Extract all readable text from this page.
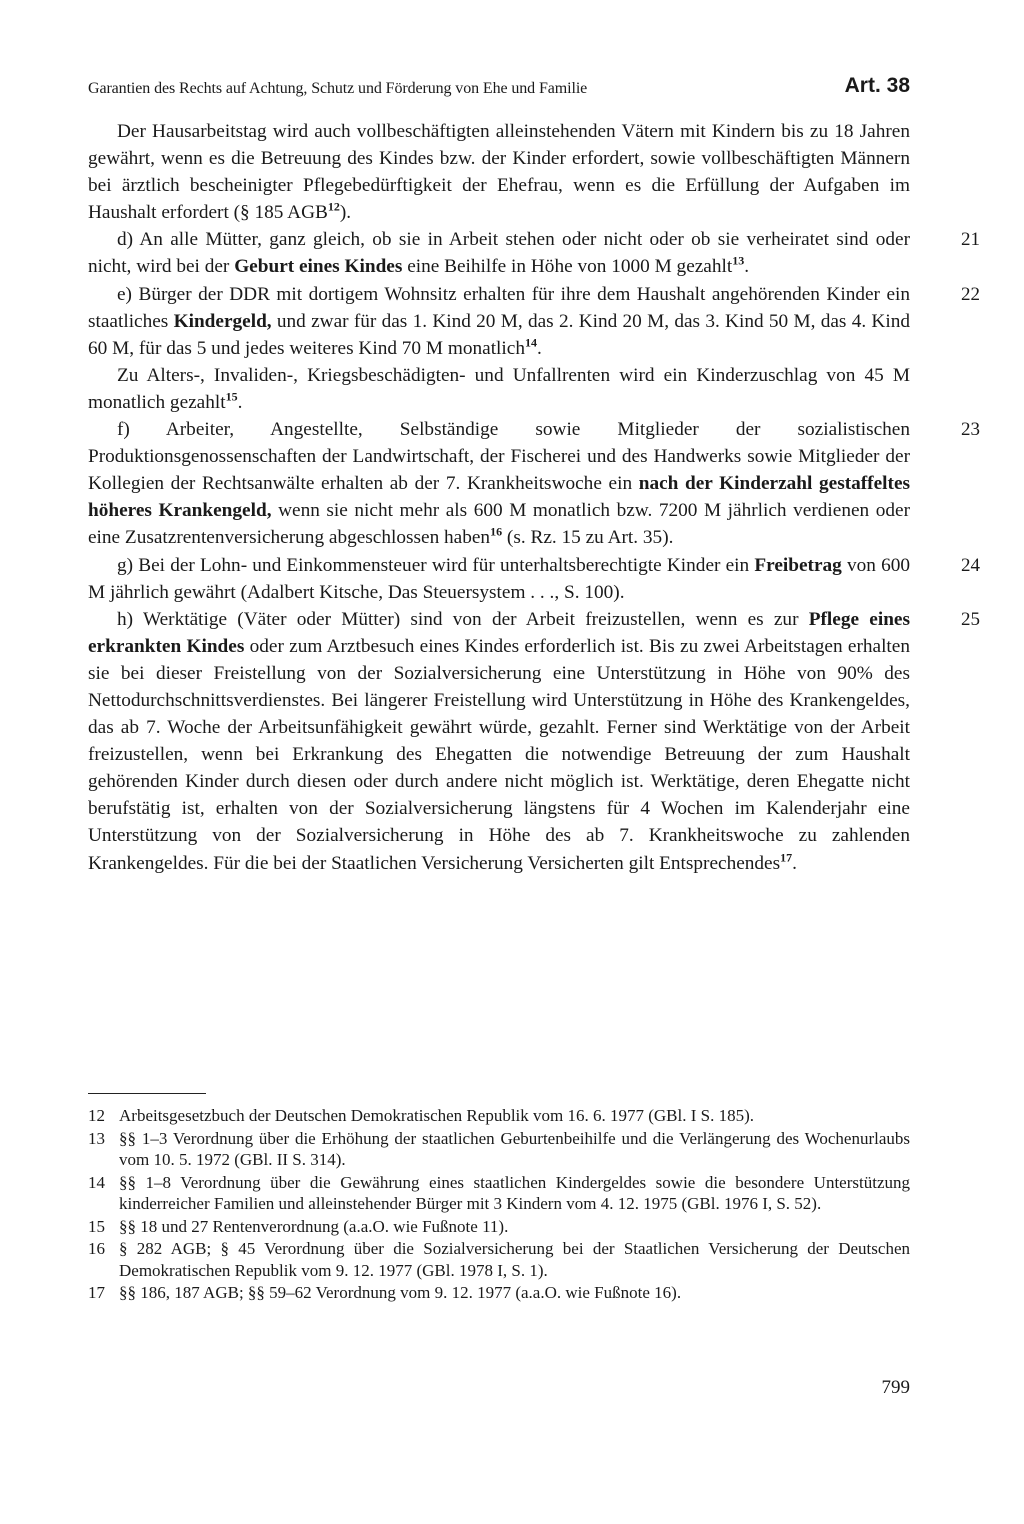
Garantien des Rechts auf Achtung, Schutz und Förderung von Ehe und Familie	Art. 38

Der Hausarbeitstag wird auch vollbeschäftigten alleinstehenden Vätern mit Kindern bis zu 18 Jahren gewährt, wenn es die Betreuung des Kindes bzw. der Kinder erfordert, sowie vollbeschäftigten Männern bei ärztlich bescheinigter Pflegebedürftigkeit der Ehefrau, wenn es die Erfüllung der Aufgaben im Haushalt erfordert (§ 185 AGB$^{12}$).

d) An alle Mütter, ganz gleich, ob sie in Arbeit stehen oder nicht oder ob sie verheiratet sind oder nicht, wird bei der Geburt eines Kindes eine Beihilfe in Höhe von 1000 M gezahlt$^{13}$.
21

e) Bürger der DDR mit dortigem Wohnsitz erhalten für ihre dem Haushalt angehörenden Kinder ein staatliches Kindergeld, und zwar für das 1. Kind 20 M, das 2. Kind 20 M, das 3. Kind 50 M, das 4. Kind 60 M, für das 5 und jedes weiteres Kind 70 M monatlich$^{14}$.
22

Zu Alters-, Invaliden-, Kriegsbeschädigten- und Unfallrenten wird ein Kinderzuschlag von 45 M monatlich gezahlt$^{15}$.

f) Arbeiter, Angestellte, Selbständige sowie Mitglieder der sozialistischen Produktionsgenossenschaften der Landwirtschaft, der Fischerei und des Handwerks sowie Mitglieder der Kollegien der Rechtsanwälte erhalten ab der 7. Krankheitswoche ein nach der Kinderzahl gestaffeltes höheres Krankengeld, wenn sie nicht mehr als 600 M monatlich bzw. 7200 M jährlich verdienen oder eine Zusatzrentenversicherung abgeschlossen haben$^{16}$ (s. Rz. 15 zu Art. 35).
23

g) Bei der Lohn- und Einkommensteuer wird für unterhaltsberechtigte Kinder ein Freibetrag von 600 M jährlich gewährt (Adalbert Kitsche, Das Steuersystem . . ., S. 100).
24

h) Werktätige (Väter oder Mütter) sind von der Arbeit freizustellen, wenn es zur Pflege eines erkrankten Kindes oder zum Arztbesuch eines Kindes erforderlich ist. Bis zu zwei Arbeitstagen erhalten sie bei dieser Freistellung von der Sozialversicherung eine Unterstützung in Höhe von 90% des Nettodurchschnittsverdienstes. Bei längerer Freistellung wird Unterstützung in Höhe des Krankengeldes, das ab 7. Woche der Arbeitsunfähigkeit gewährt würde, gezahlt. Ferner sind Werktätige von der Arbeit freizustellen, wenn bei Erkrankung des Ehegatten die notwendige Betreuung der zum Haushalt gehörenden Kinder durch diesen oder durch andere nicht möglich ist. Werktätige, deren Ehegatte nicht berufstätig ist, erhalten von der Sozialversicherung längstens für 4 Wochen im Kalenderjahr eine Unterstützung von der Sozialversicherung in Höhe des ab 7. Krankheitswoche zu zahlenden Krankengeldes. Für die bei der Staatlichen Versicherung Versicherten gilt Entsprechendes$^{17}$.
25

12 Arbeitsgesetzbuch der Deutschen Demokratischen Republik vom 16. 6. 1977 (GBl. I S. 185).
13 §§ 1–3 Verordnung über die Erhöhung der staatlichen Geburtenbeihilfe und die Verlängerung des Wochenurlaubs vom 10. 5. 1972 (GBl. II S. 314).
14 §§ 1–8 Verordnung über die Gewährung eines staatlichen Kindergeldes sowie die besondere Unterstützung kinderreicher Familien und alleinstehender Bürger mit 3 Kindern vom 4. 12. 1975 (GBl. 1976 I, S. 52).
15 §§ 18 und 27 Rentenverordnung (a.a.O. wie Fußnote 11).
16 § 282 AGB; § 45 Verordnung über die Sozialversicherung bei der Staatlichen Versicherung der Deutschen Demokratischen Republik vom 9. 12. 1977 (GBl. 1978 I, S. 1).
17 §§ 186, 187 AGB; §§ 59–62 Verordnung vom 9. 12. 1977 (a.a.O. wie Fußnote 16).
799
